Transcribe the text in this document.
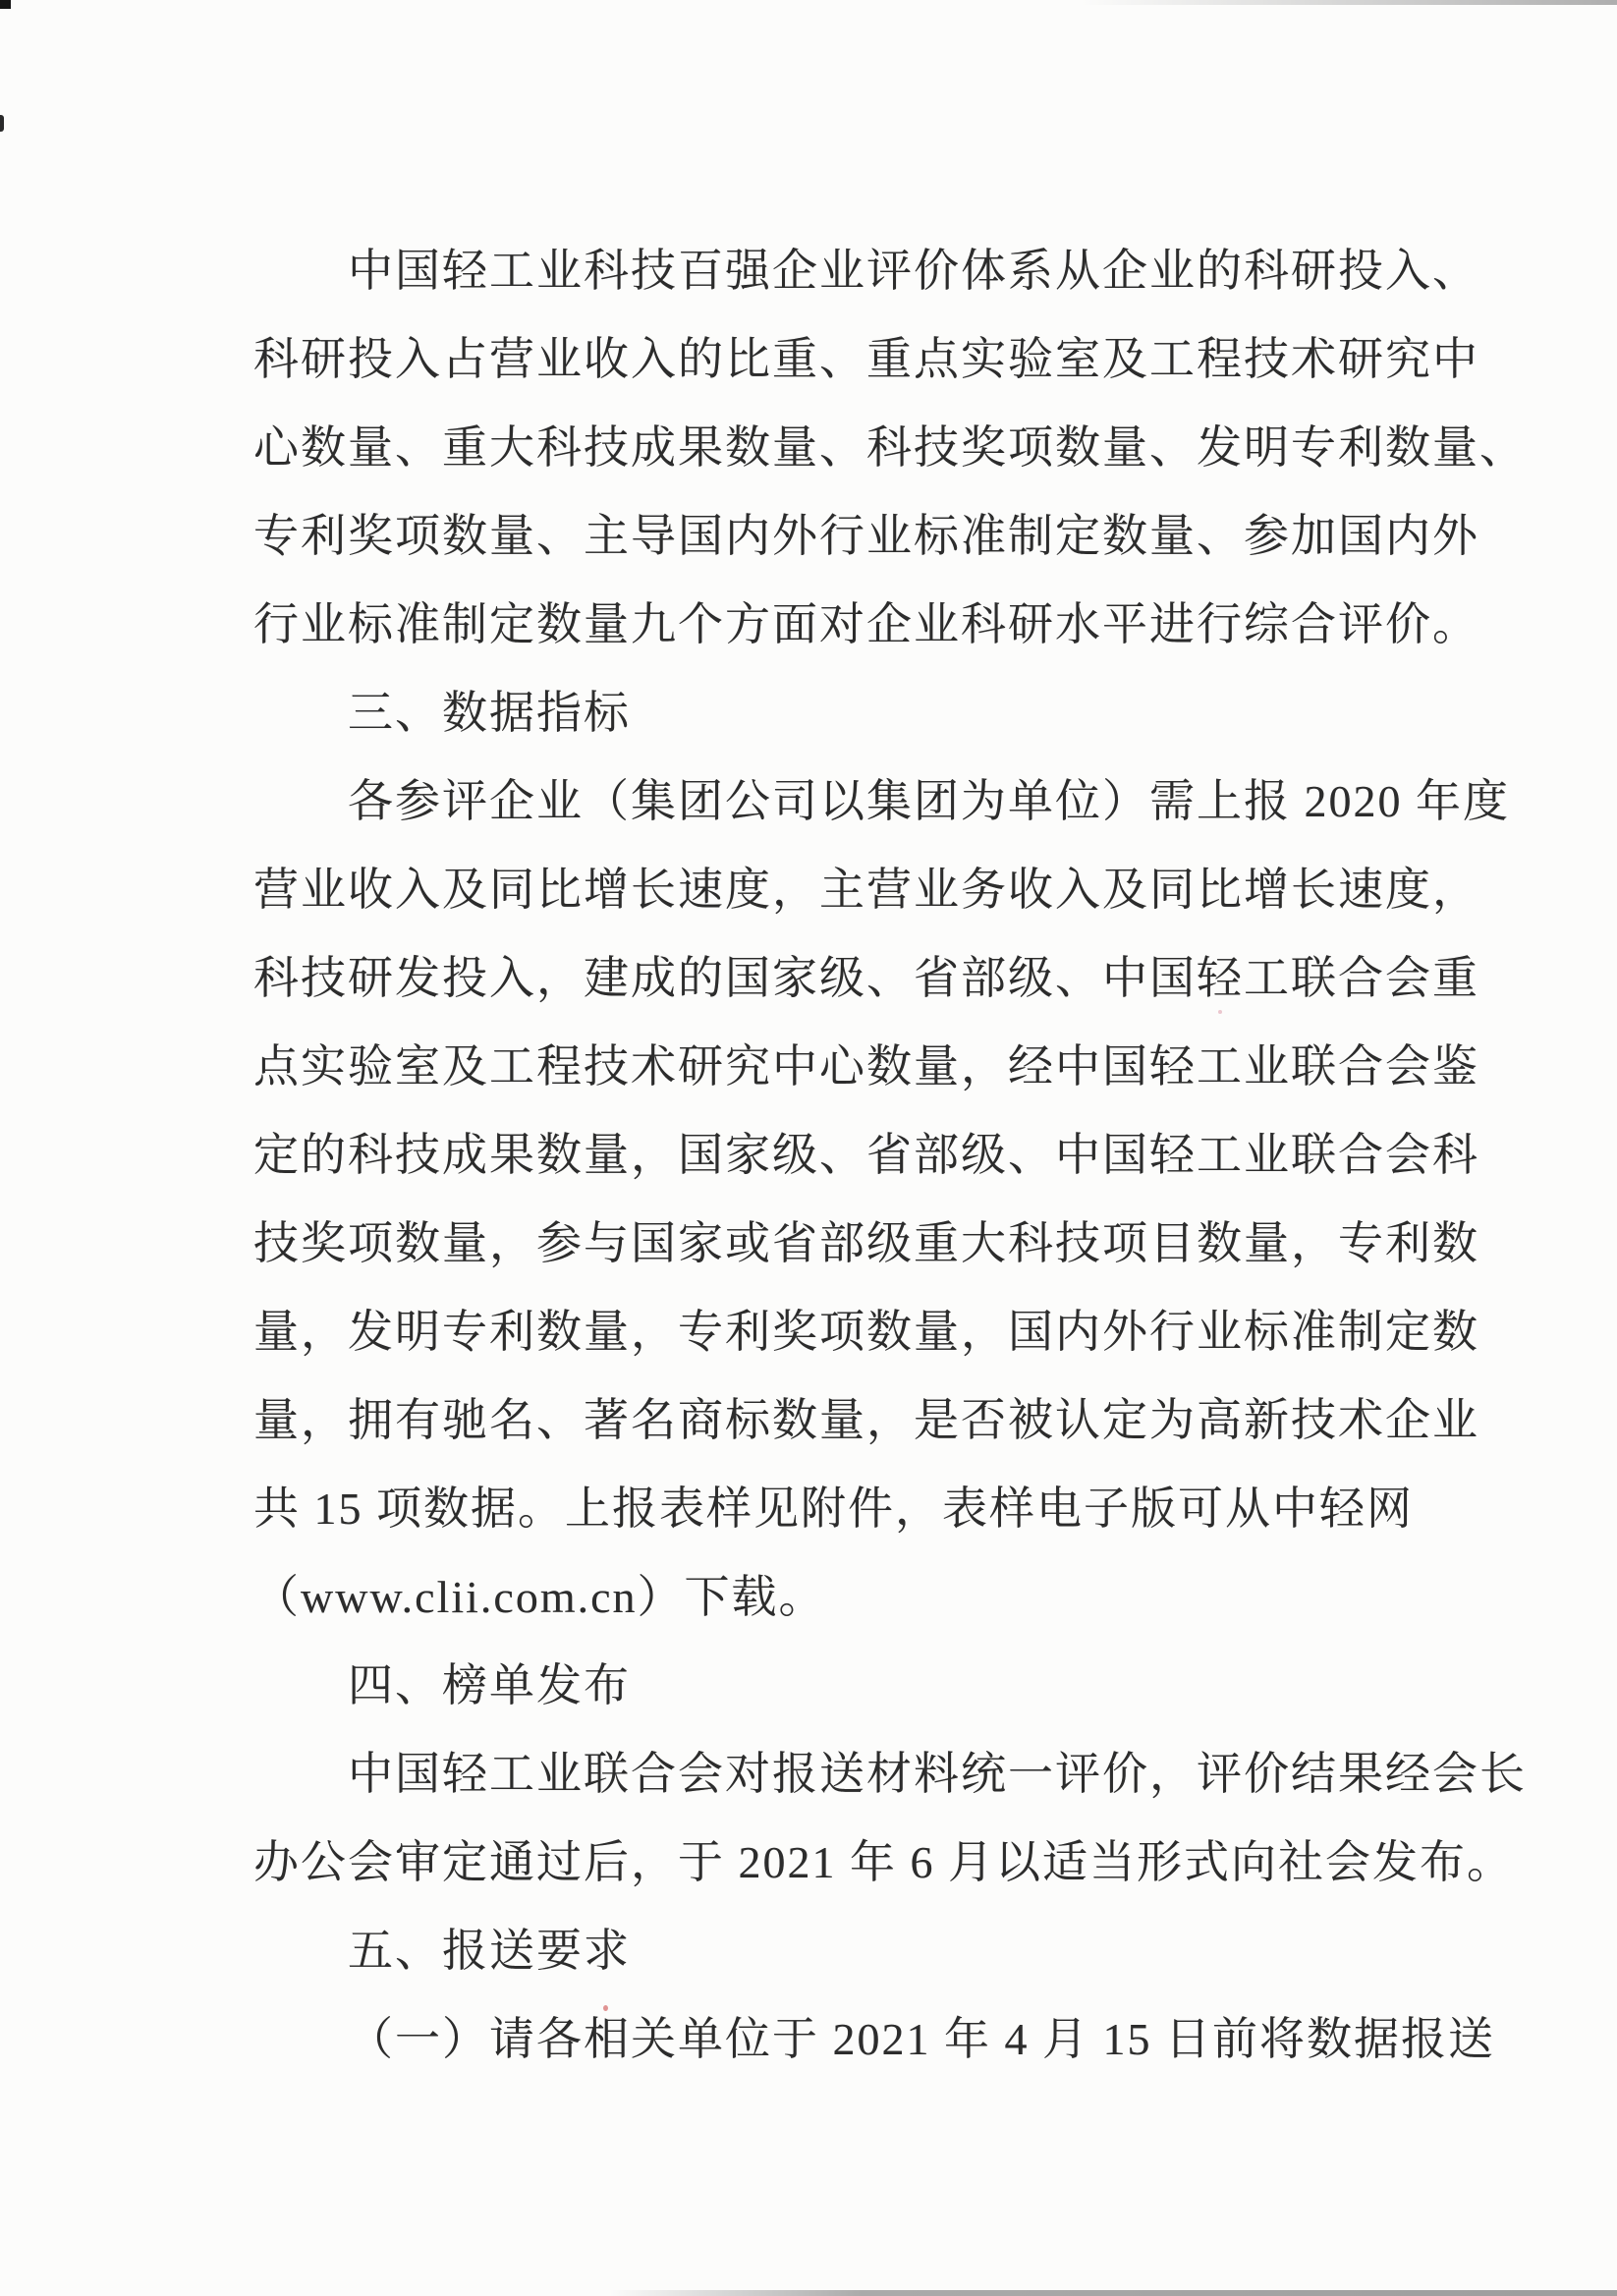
中国轻工业科技百强企业评价体系从企业的科研投入、
科研投入占营业收入的比重、重点实验室及工程技术研究中
心数量、重大科技成果数量、科技奖项数量、发明专利数量、
专利奖项数量、主导国内外行业标准制定数量、参加国内外
行业标准制定数量九个方面对企业科研水平进行综合评价。
三、数据指标
各参评企业（集团公司以集团为单位）需上报 2020 年度
营业收入及同比增长速度，主营业务收入及同比增长速度，
科技研发投入，建成的国家级、省部级、中国轻工联合会重
点实验室及工程技术研究中心数量，经中国轻工业联合会鉴
定的科技成果数量，国家级、省部级、中国轻工业联合会科
技奖项数量，参与国家或省部级重大科技项目数量，专利数
量，发明专利数量，专利奖项数量，国内外行业标准制定数
量，拥有驰名、著名商标数量，是否被认定为高新技术企业
共 15 项数据。上报表样见附件，表样电子版可从中轻网
（www.clii.com.cn）下载。
四、榜单发布
中国轻工业联合会对报送材料统一评价，评价结果经会长
办公会审定通过后，于 2021 年 6 月以适当形式向社会发布。
五、报送要求
（一）请各相关单位于 2021 年 4 月 15 日前将数据报送
